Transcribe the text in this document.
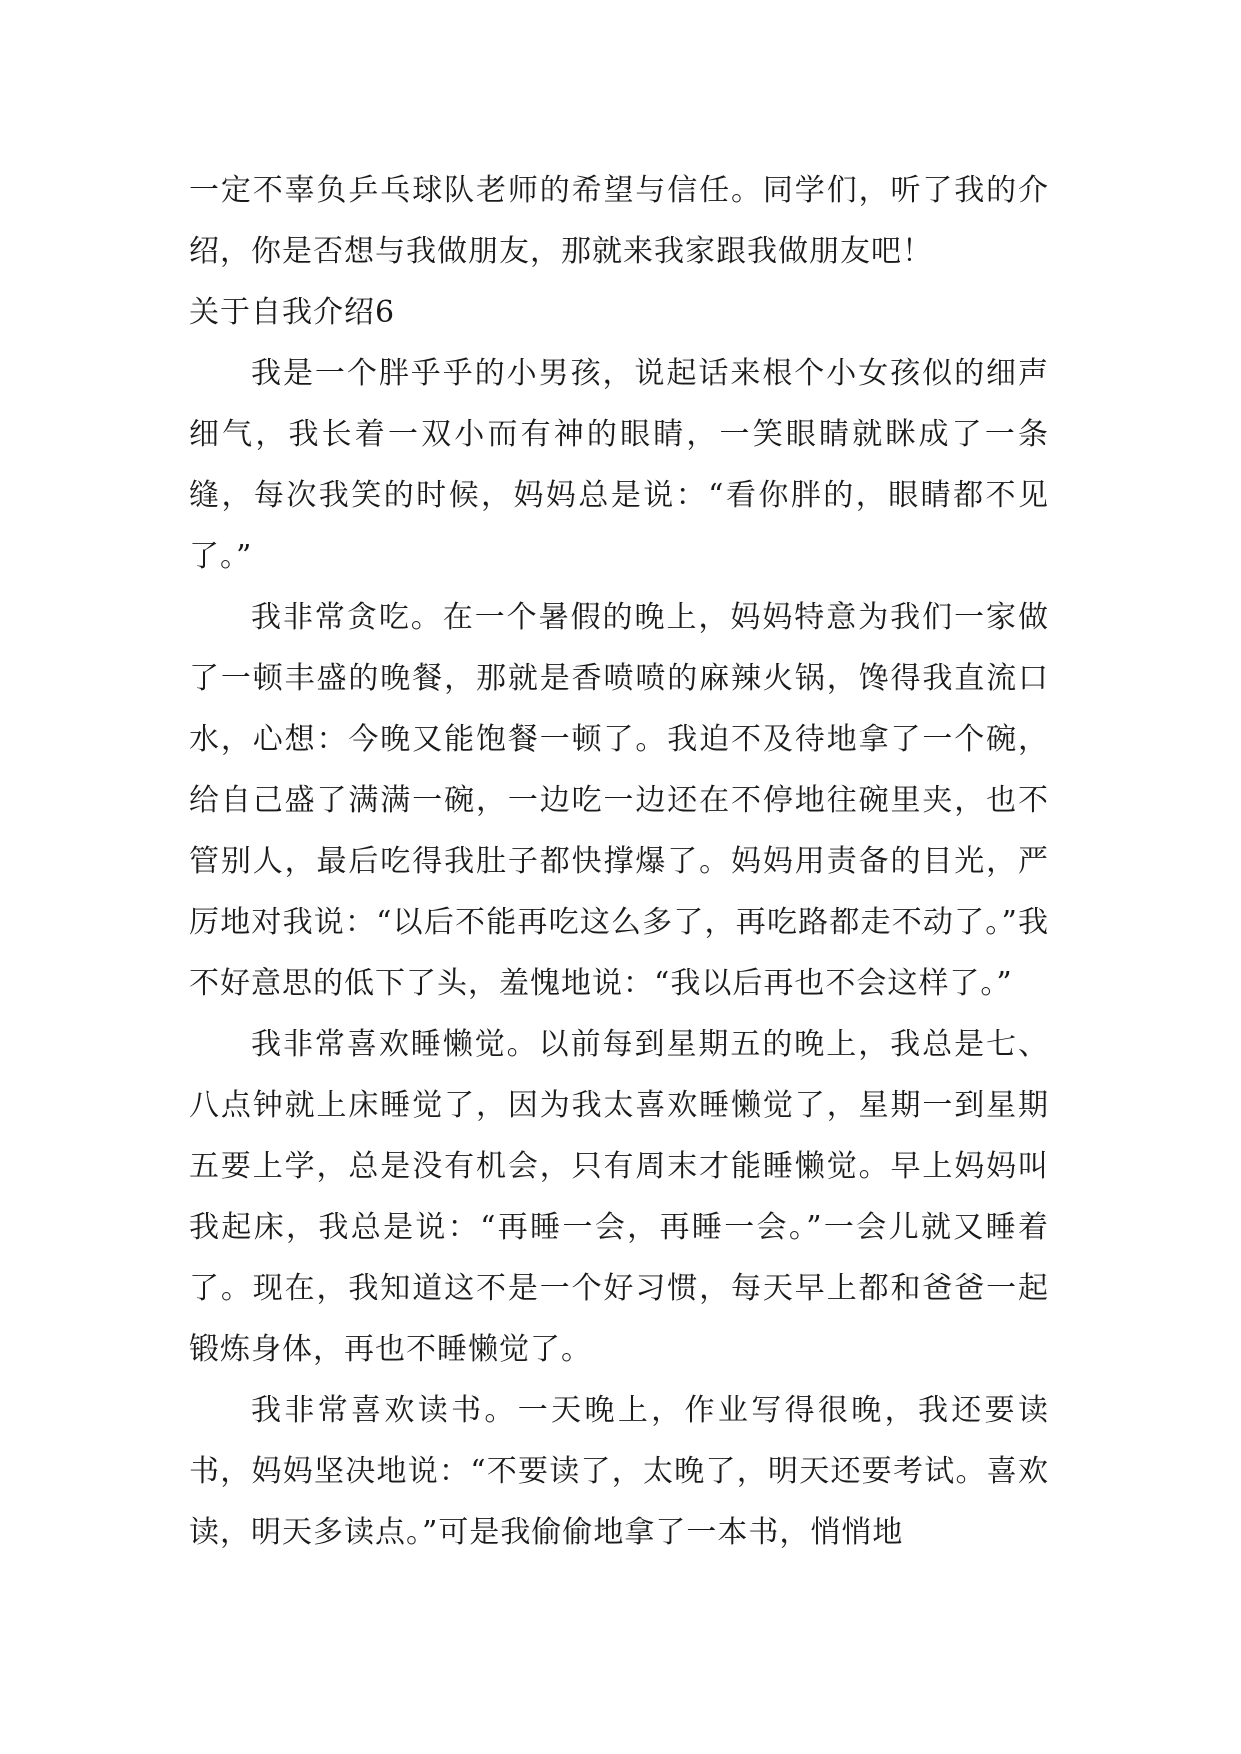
一定不辜负乒乓球队老师的希望与信任。同学们，听了我的介绍，你是否想与我做朋友，那就来我家跟我做朋友吧！

关于自我介绍6

我是一个胖乎乎的小男孩，说起话来根个小女孩似的细声细气，我长着一双小而有神的眼睛，一笑眼睛就眯成了一条缝，每次我笑的时候，妈妈总是说：“看你胖的，眼睛都不见了。”

我非常贪吃。在一个暑假的晚上，妈妈特意为我们一家做了一顿丰盛的晚餐，那就是香喷喷的麻辣火锅，馋得我直流口水，心想：今晚又能饱餐一顿了。我迫不及待地拿了一个碗，给自己盛了满满一碗，一边吃一边还在不停地往碗里夹，也不管别人，最后吃得我肚子都快撑爆了。妈妈用责备的目光，严厉地对我说：“以后不能再吃这么多了，再吃路都走不动了。”我不好意思的低下了头，羞愧地说：“我以后再也不会这样了。”

我非常喜欢睡懒觉。以前每到星期五的晚上，我总是七、八点钟就上床睡觉了，因为我太喜欢睡懒觉了，星期一到星期五要上学，总是没有机会，只有周末才能睡懒觉。早上妈妈叫我起床，我总是说：“再睡一会，再睡一会。”一会儿就又睡着了。现在，我知道这不是一个好习惯，每天早上都和爸爸一起锻炼身体，再也不睡懒觉了。

我非常喜欢读书。一天晚上，作业写得很晚，我还要读书，妈妈坚决地说：“不要读了，太晚了，明天还要考试。喜欢读，明天多读点。”可是我偷偷地拿了一本书，悄悄地
